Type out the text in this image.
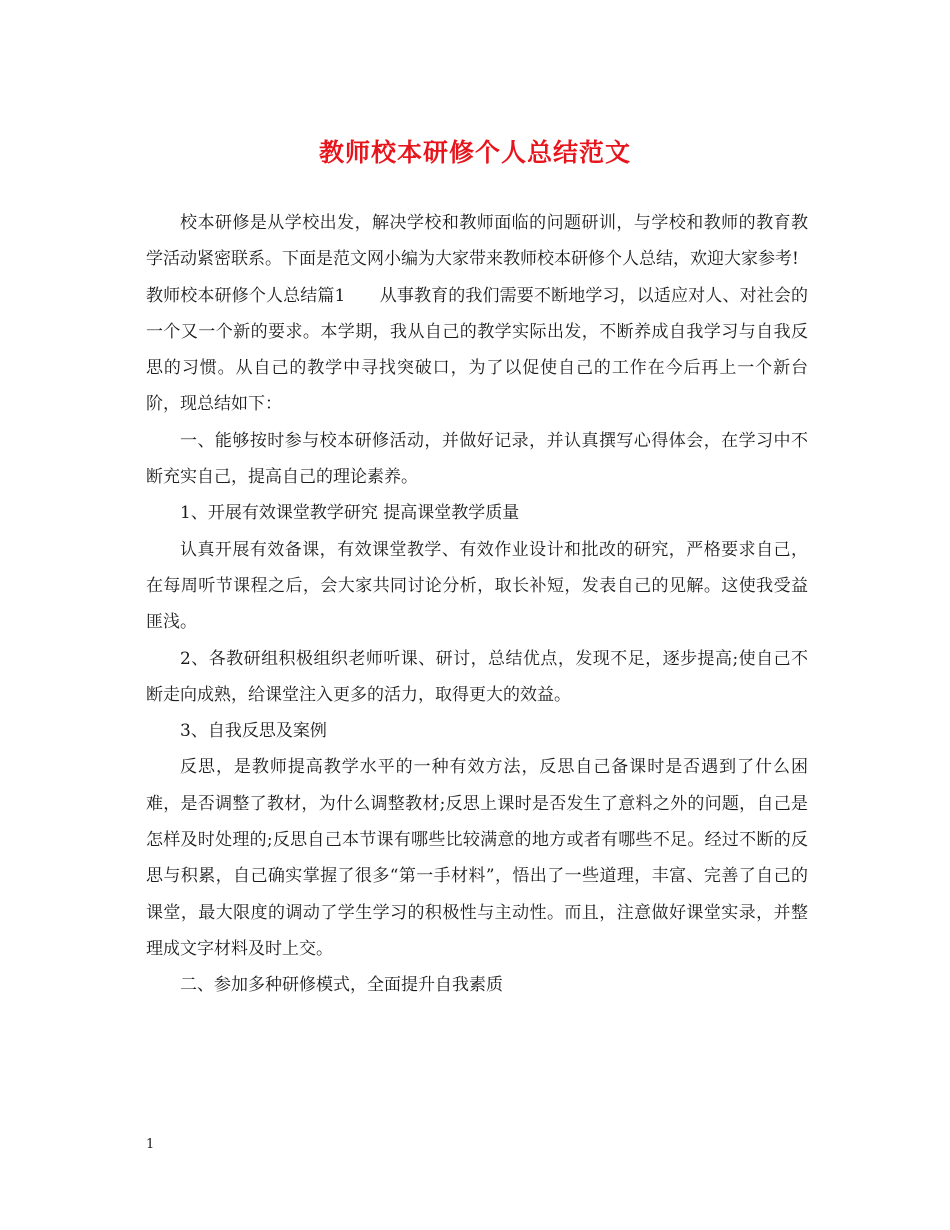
教师校本研修个人总结范文

校本研修是从学校出发，解决学校和教师面临的问题研训，与学校和教师的教育教学活动紧密联系。下面是范文网小编为大家带来教师校本研修个人总结，欢迎大家参考!

教师校本研修个人总结篇1　　从事教育的我们需要不断地学习，以适应对人、对社会的一个又一个新的要求。本学期，我从自己的教学实际出发，不断养成自我学习与自我反思的习惯。从自己的教学中寻找突破口，为了以促使自己的工作在今后再上一个新台阶，现总结如下：

一、能够按时参与校本研修活动，并做好记录，并认真撰写心得体会，在学习中不断充实自己，提高自己的理论素养。

1、开展有效课堂教学研究 提高课堂教学质量

认真开展有效备课，有效课堂教学、有效作业设计和批改的研究，严格要求自己，在每周听节课程之后，会大家共同讨论分析，取长补短，发表自己的见解。这使我受益匪浅。

2、各教研组积极组织老师听课、研讨，总结优点，发现不足，逐步提高;使自己不断走向成熟，给课堂注入更多的活力，取得更大的效益。

3、自我反思及案例

反思，是教师提高教学水平的一种有效方法，反思自己备课时是否遇到了什么困难，是否调整了教材，为什么调整教材;反思上课时是否发生了意料之外的问题，自己是怎样及时处理的;反思自己本节课有哪些比较满意的地方或者有哪些不足。经过不断的反思与积累，自己确实掌握了很多“第一手材料”，悟出了一些道理，丰富、完善了自己的课堂，最大限度的调动了学生学习的积极性与主动性。而且，注意做好课堂实录，并整理成文字材料及时上交。

二、参加多种研修模式，全面提升自我素质

1
